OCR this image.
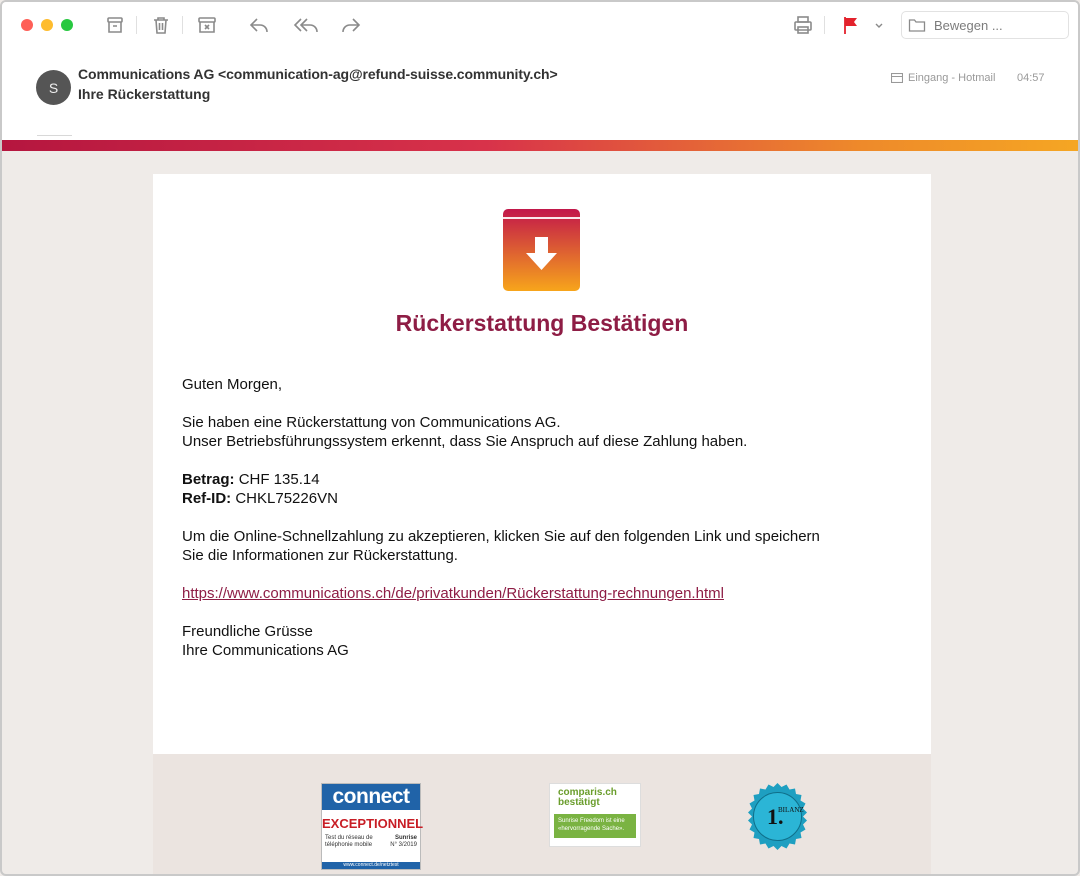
Bewegen ...
S
Communications AG <communication-ag@refund-suisse.community.ch>
Ihre Rückerstattung
Eingang - Hotmail 04:57
Rückerstattung Bestätigen

Guten Morgen,

Sie haben eine Rückerstattung von Communications AG.
Unser Betriebsführungssystem erkennt, dass Sie Anspruch auf diese Zahlung haben.

Betrag: CHF 135.14
Ref-ID: CHKL75226VN

Um die Online-Schnellzahlung zu akzeptieren, klicken Sie auf den folgenden Link und speichern
Sie die Informationen zur Rückerstattung.

https://www.communications.ch/de/privatkunden/Rückerstattung-rechnungen.html

Freundliche Grüsse
Ihre Communications AG

connect
EXCEPTIONNEL
Test du réseau de téléphonie mobile
Sunrise
N° 3/2019
www.connect.de/netztest
comparis.ch
bestätigt
Sunrise Freedom ist eine «hervorragende Sache».	1.
BILANZ
